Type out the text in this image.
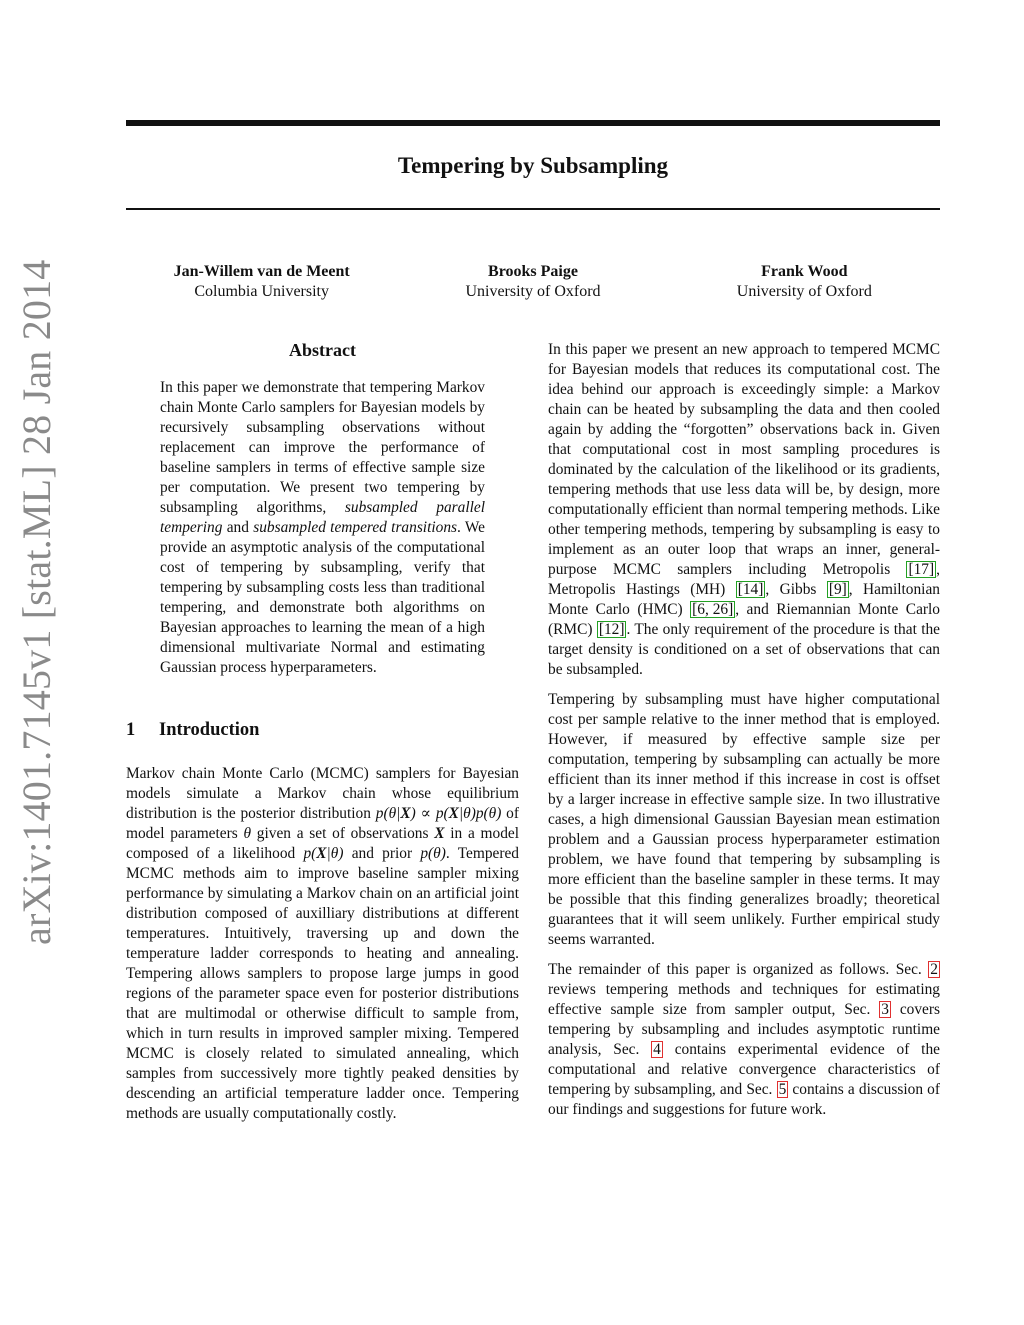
arXiv:1401.7145v1 [stat.ML] 28 Jan 2014
Tempering by Subsampling
Jan-Willem van de Meent
Columbia University
Brooks Paige
University of Oxford
Frank Wood
University of Oxford
Abstract
In this paper we demonstrate that tempering Markov chain Monte Carlo samplers for Bayesian models by recursively subsampling observations without replacement can improve the performance of baseline samplers in terms of effective sample size per computation. We present two tempering by subsampling algorithms, subsampled parallel tempering and subsampled tempered transitions. We provide an asymptotic analysis of the computational cost of tempering by subsampling, verify that tempering by subsampling costs less than traditional tempering, and demonstrate both algorithms on Bayesian approaches to learning the mean of a high dimensional multivariate Normal and estimating Gaussian process hyperparameters.
1 Introduction
Markov chain Monte Carlo (MCMC) samplers for Bayesian models simulate a Markov chain whose equilibrium distribution is the posterior distribution p(θ|X) ∝ p(X|θ)p(θ) of model parameters θ given a set of observations X in a model composed of a likelihood p(X|θ) and prior p(θ). Tempered MCMC methods aim to improve baseline sampler mixing performance by simulating a Markov chain on an artificial joint distribution composed of auxilliary distributions at different temperatures. Intuitively, traversing up and down the temperature ladder corresponds to heating and annealing. Tempering allows samplers to propose large jumps in good regions of the parameter space even for posterior distributions that are multimodal or otherwise difficult to sample from, which in turn results in improved sampler mixing. Tempered MCMC is closely related to simulated annealing, which samples from successively more tightly peaked densities by descending an artificial temperature ladder once. Tempering methods are usually computationally costly.
In this paper we present an new approach to tempered MCMC for Bayesian models that reduces its computational cost. The idea behind our approach is exceedingly simple: a Markov chain can be heated by subsampling the data and then cooled again by adding the “forgotten” observations back in. Given that computational cost in most sampling procedures is dominated by the calculation of the likelihood or its gradients, tempering methods that use less data will be, by design, more computationally efficient than normal tempering methods. Like other tempering methods, tempering by subsampling is easy to implement as an outer loop that wraps an inner, general-purpose MCMC samplers including Metropolis [17] , Metropolis Hastings (MH) [14] , Gibbs [9] , Hamiltonian Monte Carlo (HMC) [6, 26] , and Riemannian Monte Carlo (RMC) [12] . The only requirement of the procedure is that the target density is conditioned on a set of observations that can be subsampled.
Tempering by subsampling must have higher computational cost per sample relative to the inner method that is employed. However, if measured by effective sample size per computation, tempering by subsampling can actually be more efficient than its inner method if this increase in cost is offset by a larger increase in effective sample size. In two illustrative cases, a high dimensional Gaussian Bayesian mean estimation problem and a Gaussian process hyperparameter estimation problem, we have found that tempering by subsampling is more efficient than the baseline sampler in these terms. It may be possible that this finding generalizes broadly; theoretical guarantees that it will seem unlikely. Further empirical study seems warranted.
The remainder of this paper is organized as follows. Sec. 2 reviews tempering methods and techniques for estimating effective sample size from sampler output, Sec. 3 covers tempering by subsampling and includes asymptotic runtime analysis, Sec. 4 contains experimental evidence of the computational and relative convergence characteristics of tempering by subsampling, and Sec. 5 contains a discussion of our findings and suggestions for future work.
